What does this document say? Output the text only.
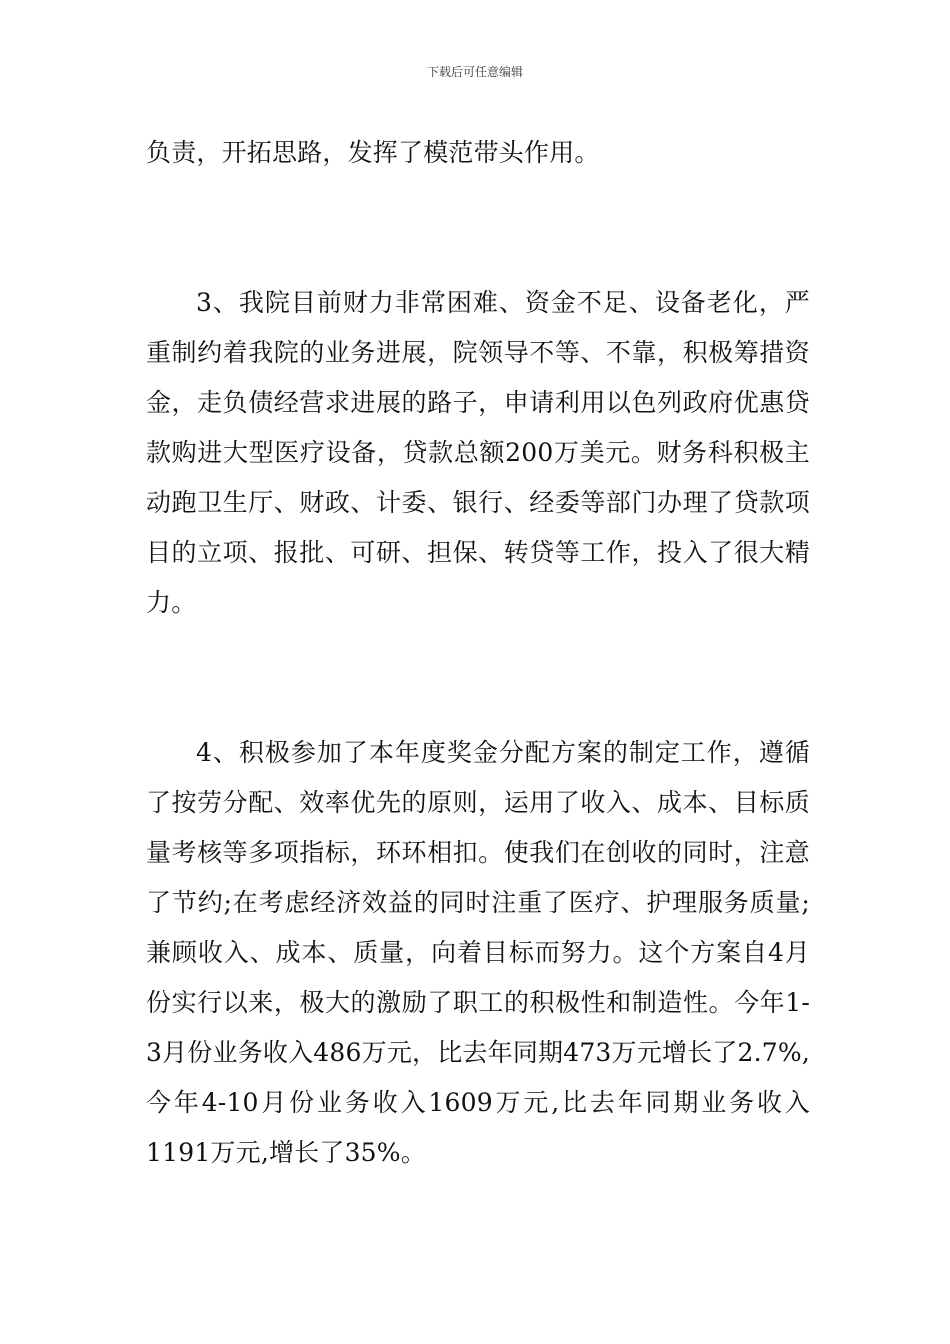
下载后可任意编辑

负责，开拓思路，发挥了模范带头作用。

3、我院目前财力非常困难、资金不足、设备老化，严重制约着我院的业务进展，院领导不等、不靠，积极筹措资金，走负债经营求进展的路子，申请利用以色列政府优惠贷款购进大型医疗设备，贷款总额200万美元。财务科积极主动跑卫生厅、财政、计委、银行、经委等部门办理了贷款项目的立项、报批、可研、担保、转贷等工作，投入了很大精力。

4、积极参加了本年度奖金分配方案的制定工作，遵循了按劳分配、效率优先的原则，运用了收入、成本、目标质量考核等多项指标，环环相扣。使我们在创收的同时，注意了节约;在考虑经济效益的同时注重了医疗、护理服务质量;兼顾收入、成本、质量，向着目标而努力。这个方案自4月份实行以来，极大的激励了职工的积极性和制造性。今年1-3月份业务收入486万元，比去年同期473万元增长了2.7%,今年4-10月份业务收入1609万元,比去年同期业务收入1191万元,增长了35%。
